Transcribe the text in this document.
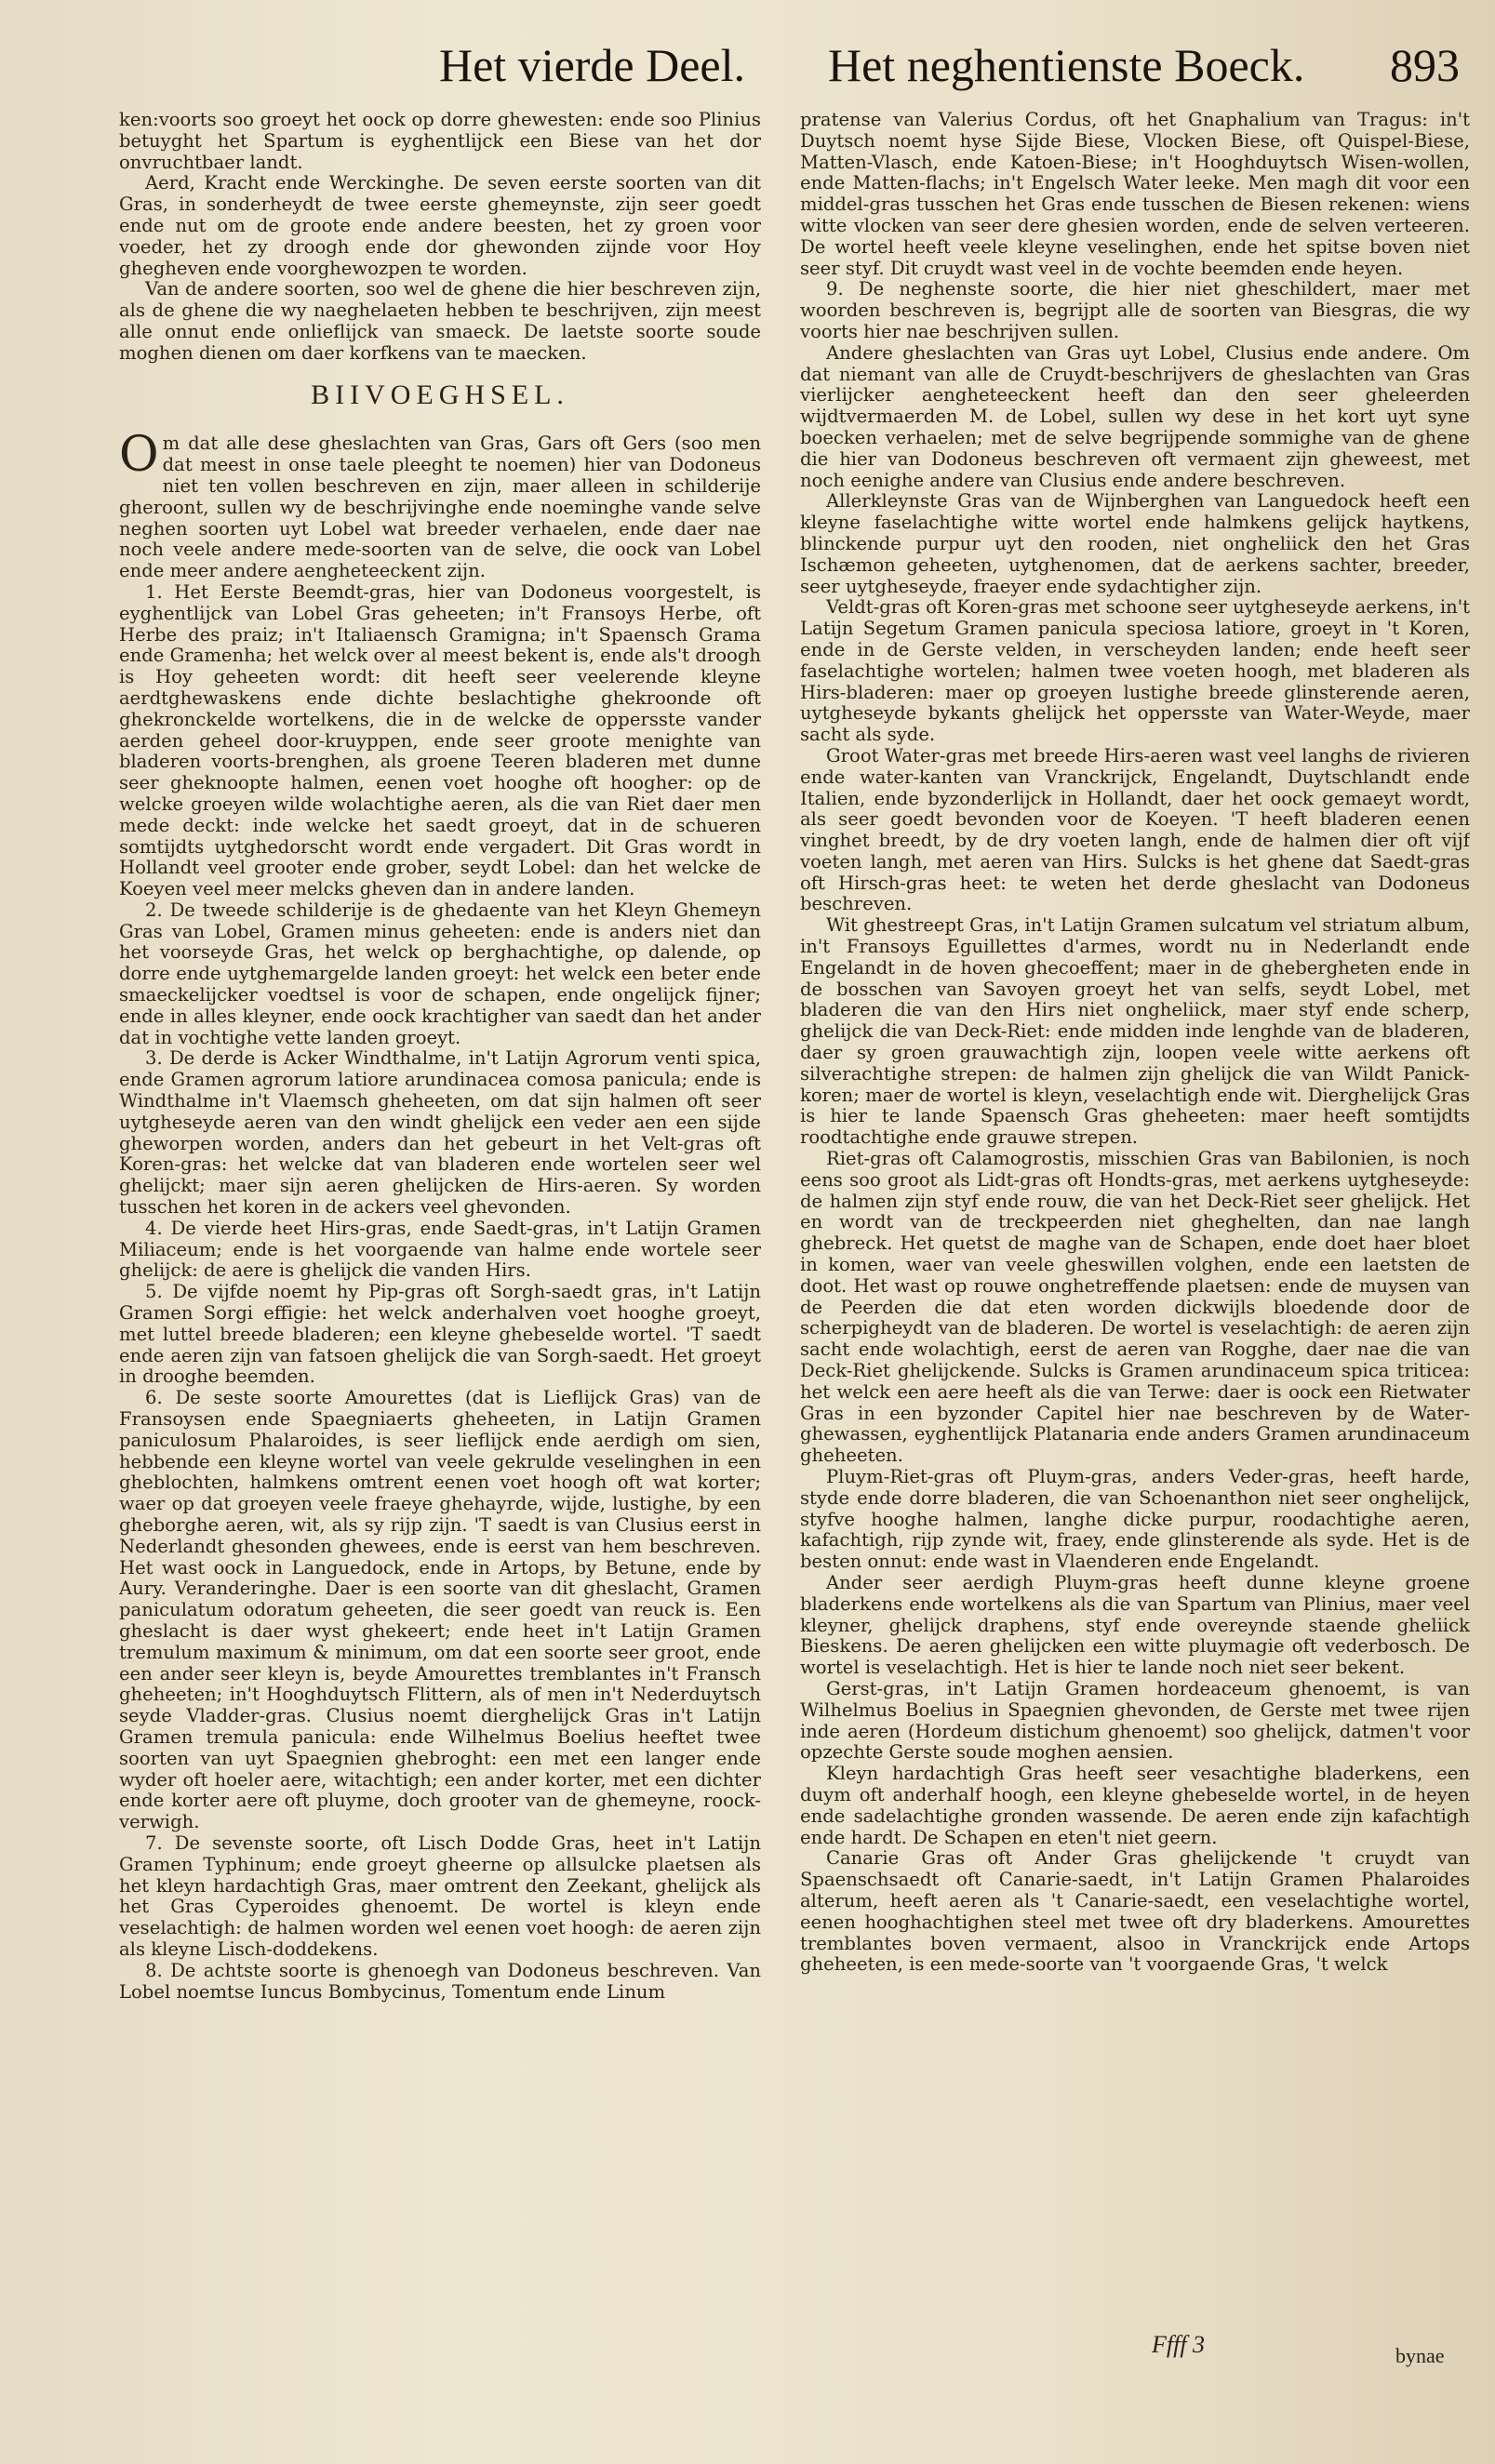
Het vierde Deel. Het neghentienste Boeck. 893

ken:voorts soo groeyt het oock op dorre ghewesten: ende soo Plinius betuyght het Spartum is eyghentlijck een Biese van het dor onvruchtbaer landt.

Aerd, Kracht ende Werckinghe. De seven eerste soorten van dit Gras, in sonderheydt de twee eerste ghemeynste, zijn seer goedt ende nut om de groote ende andere beesten, het zy groen voor voeder, het zy droogh ende dor ghewonden zijnde voor Hoy ghegheven ende voorghewozpen te worden.

Van de andere soorten, soo wel de ghene die hier beschreven zijn, als de ghene die wy naeghelaeten hebben te beschrijven, zijn meest alle onnut ende onlieflijck van smaeck. De laetste soorte soude moghen dienen om daer korfkens van te maecken.

BIIVOEGHSEL.

Om dat alle dese gheslachten van Gras, Gars oft Gers (soo men dat meest in onse taele pleeght te noemen) hier van Dodoneus niet ten vollen beschreven en zijn, maer alleen in schilderije gheroont, sullen wy de beschrijvinghe ende noeminghe vande selve neghen soorten uyt Lobel wat breeder verhaelen, ende daer nae noch veele andere mede-soorten van de selve, die oock van Lobel ende meer andere aengheteeckent zijn.

1. Het Eerste Beemdt-gras, hier van Dodoneus voorgestelt, is eyghentlijck van Lobel Gras geheeten; in't Fransoys Herbe, oft Herbe des praiz; in't Italiaensch Gramigna; in't Spaensch Grama ende Gramenha; het welck over al meest bekent is, ende als't droogh is Hoy geheeten wordt: dit heeft seer veelerende kleyne aerdtghewaskens ende dichte beslachtighe ghekroonde oft ghekronckelde wortelkens, die in de welcke de oppersste vander aerden geheel door-kruyppen, ende seer groote menighte van bladeren voorts-brenghen, als groene Teeren bladeren met dunne seer gheknoopte halmen, eenen voet hooghe oft hoogher: op de welcke groeyen wilde wolachtighe aeren, als die van Riet daer men mede deckt: inde welcke het saedt groeyt, dat in de schueren somtijdts uytghedorscht wordt ende vergadert. Dit Gras wordt in Hollandt veel grooter ende grober, seydt Lobel: dan het welcke de Koeyen veel meer melcks gheven dan in andere landen.

2. De tweede schilderije is de ghedaente van het Kleyn Ghemeyn Gras van Lobel, Gramen minus geheeten: ende is anders niet dan het voorseyde Gras, het welck op berghachtighe, op dalende, op dorre ende uytghemargelde landen groeyt: het welck een beter ende smaeckelijcker voedtsel is voor de schapen, ende ongelijck fijner; ende in alles kleyner, ende oock krachtigher van saedt dan het ander dat in vochtighe vette landen groeyt.

3. De derde is Acker Windthalme, in't Latijn Agrorum venti spica, ende Gramen agrorum latiore arundinacea comosa panicula; ende is Windthalme in't Vlaemsch gheheeten, om dat sijn halmen oft seer uytgheseyde aeren van den windt ghelijck een veder aen een sijde gheworpen worden, anders dan het gebeurt in het Velt-gras oft Koren-gras: het welcke dat van bladeren ende wortelen seer wel ghelijckt; maer sijn aeren ghelijcken de Hirs-aeren. Sy worden tusschen het koren in de ackers veel ghevonden.

4. De vierde heet Hirs-gras, ende Saedt-gras, in't Latijn Gramen Miliaceum; ende is het voorgaende van halme ende wortele seer ghelijck: de aere is ghelijck die vanden Hirs.

5. De vijfde noemt hy Pip-gras oft Sorgh-saedt gras, in't Latijn Gramen Sorgi effigie: het welck anderhalven voet hooghe groeyt, met luttel breede bladeren; een kleyne ghebeselde wortel. 'T saedt ende aeren zijn van fatsoen ghelijck die van Sorgh-saedt. Het groeyt in drooghe beemden.

6. De seste soorte Amourettes (dat is Lieflijck Gras) van de Fransoysen ende Spaegniaerts gheheeten, in Latijn Gramen paniculosum Phalaroides, is seer lieflijck ende aerdigh om sien, hebbende een kleyne wortel van veele gekrulde veselinghen in een gheblochten, halmkens omtrent eenen voet hoogh oft wat korter; waer op dat groeyen veele fraeye ghehayrde, wijde, lustighe, by een gheborghe aeren, wit, als sy rijp zijn. 'T saedt is van Clusius eerst in Nederlandt ghesonden ghewees, ende is eerst van hem beschreven. Het wast oock in Languedock, ende in Artops, by Betune, ende by Aury. Veranderinghe. Daer is een soorte van dit gheslacht, Gramen paniculatum odoratum geheeten, die seer goedt van reuck is. Een gheslacht is daer wyst ghekeert; ende heet in't Latijn Gramen tremulum maximum & minimum, om dat een soorte seer groot, ende een ander seer kleyn is, beyde Amourettes tremblantes in't Fransch gheheeten; in't Hooghduytsch Flittern, als of men in't Nederduytsch seyde Vladder-gras. Clusius noemt dierghelijck Gras in't Latijn Gramen tremula panicula: ende Wilhelmus Boelius heeftet twee soorten van uyt Spaegnien ghebroght: een met een langer ende wyder oft hoeler aere, witachtigh; een ander korter, met een dichter ende korter aere oft pluyme, doch grooter van de ghemeyne, roock-verwigh.

7. De sevenste soorte, oft Lisch Dodde Gras, heet in't Latijn Gramen Typhinum; ende groeyt gheerne op allsulcke plaetsen als het kleyn hardachtigh Gras, maer omtrent den Zeekant, ghelijck als het Gras Cyperoides ghenoemt. De wortel is kleyn ende veselachtigh: de halmen worden wel eenen voet hoogh: de aeren zijn als kleyne Lisch-doddekens.

8. De achtste soorte is ghenoegh van Dodoneus beschreven. Van Lobel noemtse Iuncus Bombycinus, Tomentum ende Linum

pratense van Valerius Cordus, oft het Gnaphalium van Tragus: in't Duytsch noemt hyse Sijde Biese, Vlocken Biese, oft Quispel-Biese, Matten-Vlasch, ende Katoen-Biese; in't Hooghduytsch Wisen-wollen, ende Matten-flachs; in't Engelsch Water leeke. Men magh dit voor een middel-gras tusschen het Gras ende tusschen de Biesen rekenen: wiens witte vlocken van seer dere ghesien worden, ende de selven verteeren. De wortel heeft veele kleyne veselinghen, ende het spitse boven niet seer styf. Dit cruydt wast veel in de vochte beemden ende heyen.

9. De neghenste soorte, die hier niet gheschildert, maer met woorden beschreven is, begrijpt alle de soorten van Biesgras, die wy voorts hier nae beschrijven sullen.

Andere gheslachten van Gras uyt Lobel, Clusius ende andere. Om dat niemant van alle de Cruydt-beschrijvers de gheslachten van Gras vierlijcker aengheteeckent heeft dan den seer gheleerden wijdtvermaerden M. de Lobel, sullen wy dese in het kort uyt syne boecken verhaelen; met de selve begrijpende sommighe van de ghene die hier van Dodoneus beschreven oft vermaent zijn gheweest, met noch eenighe andere van Clusius ende andere beschreven.

Allerkleynste Gras van de Wijnberghen van Languedock heeft een kleyne faselachtighe witte wortel ende halmkens gelijck haytkens, blinckende purpur uyt den rooden, niet ongheliick den het Gras Ischæmon geheeten, uytghenomen, dat de aerkens sachter, breeder, seer uytgheseyde, fraeyer ende sydachtigher zijn.

Veldt-gras oft Koren-gras met schoone seer uytgheseyde aerkens, in't Latijn Segetum Gramen panicula speciosa latiore, groeyt in 't Koren, ende in de Gerste velden, in verscheyden landen; ende heeft seer faselachtighe wortelen; halmen twee voeten hoogh, met bladeren als Hirs-bladeren: maer op groeyen lustighe breede glinsterende aeren, uytgheseyde bykants ghelijck het oppersste van Water-Weyde, maer sacht als syde.

Groot Water-gras met breede Hirs-aeren wast veel langhs de rivieren ende water-kanten van Vranckrijck, Engelandt, Duytschlandt ende Italien, ende byzonderlijck in Hollandt, daer het oock gemaeyt wordt, als seer goedt bevonden voor de Koeyen. 'T heeft bladeren eenen vinghet breedt, by de dry voeten langh, ende de halmen dier oft vijf voeten langh, met aeren van Hirs. Sulcks is het ghene dat Saedt-gras oft Hirsch-gras heet: te weten het derde gheslacht van Dodoneus beschreven.

Wit ghestreept Gras, in't Latijn Gramen sulcatum vel striatum album, in't Fransoys Eguillettes d'armes, wordt nu in Nederlandt ende Engelandt in de hoven ghecoeffent; maer in de ghebergheten ende in de bosschen van Savoyen groeyt het van selfs, seydt Lobel, met bladeren die van den Hirs niet ongheliick, maer styf ende scherp, ghelijck die van Deck-Riet: ende midden inde lenghde van de bladeren, daer sy groen grauwachtigh zijn, loopen veele witte aerkens oft silverachtighe strepen: de halmen zijn ghelijck die van Wildt Panick-koren; maer de wortel is kleyn, veselachtigh ende wit. Dierghelijck Gras is hier te lande Spaensch Gras gheheeten: maer heeft somtijdts roodtachtighe ende grauwe strepen.

Riet-gras oft Calamogrostis, misschien Gras van Babilonien, is noch eens soo groot als Lidt-gras oft Hondts-gras, met aerkens uytgheseyde: de halmen zijn styf ende rouw, die van het Deck-Riet seer ghelijck. Het en wordt van de treckpeerden niet gheghelten, dan nae langh ghebreck. Het quetst de maghe van de Schapen, ende doet haer bloet in komen, waer van veele gheswillen volghen, ende een laetsten de doot. Het wast op rouwe onghetreffende plaetsen: ende de muysen van de Peerden die dat eten worden dickwijls bloedende door de scherpigheydt van de bladeren. De wortel is veselachtigh: de aeren zijn sacht ende wolachtigh, eerst de aeren van Rogghe, daer nae die van Deck-Riet ghelijckende. Sulcks is Gramen arundinaceum spica triticea: het welck een aere heeft als die van Terwe: daer is oock een Rietwater Gras in een byzonder Capitel hier nae beschreven by de Water-ghewassen, eyghentlijck Platanaria ende anders Gramen arundinaceum gheheeten.

Pluym-Riet-gras oft Pluym-gras, anders Veder-gras, heeft harde, styde ende dorre bladeren, die van Schoenanthon niet seer onghelijck, styfve hooghe halmen, langhe dicke purpur, roodachtighe aeren, kafachtigh, rijp zynde wit, fraey, ende glinsterende als syde. Het is de besten onnut: ende wast in Vlaenderen ende Engelandt.

Ander seer aerdigh Pluym-gras heeft dunne kleyne groene bladerkens ende wortelkens als die van Spartum van Plinius, maer veel kleyner, ghelijck draphens, styf ende overeynde staende gheliick Bieskens. De aeren ghelijcken een witte pluymagie oft vederbosch. De wortel is veselachtigh. Het is hier te lande noch niet seer bekent.

Gerst-gras, in't Latijn Gramen hordeaceum ghenoemt, is van Wilhelmus Boelius in Spaegnien ghevonden, de Gerste met twee rijen inde aeren (Hordeum distichum ghenoemt) soo ghelijck, datmen't voor opzechte Gerste soude moghen aensien.

Kleyn hardachtigh Gras heeft seer vesachtighe bladerkens, een duym oft anderhalf hoogh, een kleyne ghebeselde wortel, in de heyen ende sadelachtighe gronden wassende. De aeren ende zijn kafachtigh ende hardt. De Schapen en eten't niet geern.

Canarie Gras oft Ander Gras ghelijckende 't cruydt van Spaenschsaedt oft Canarie-saedt, in't Latijn Gramen Phalaroides alterum, heeft aeren als 't Canarie-saedt, een veselachtighe wortel, eenen hooghachtighen steel met twee oft dry bladerkens. Amourettes tremblantes boven vermaent, alsoo in Vranckrijck ende Artops gheheeten, is een mede-soorte van 't voorgaende Gras, 't welck

Ffff 3	bynae
